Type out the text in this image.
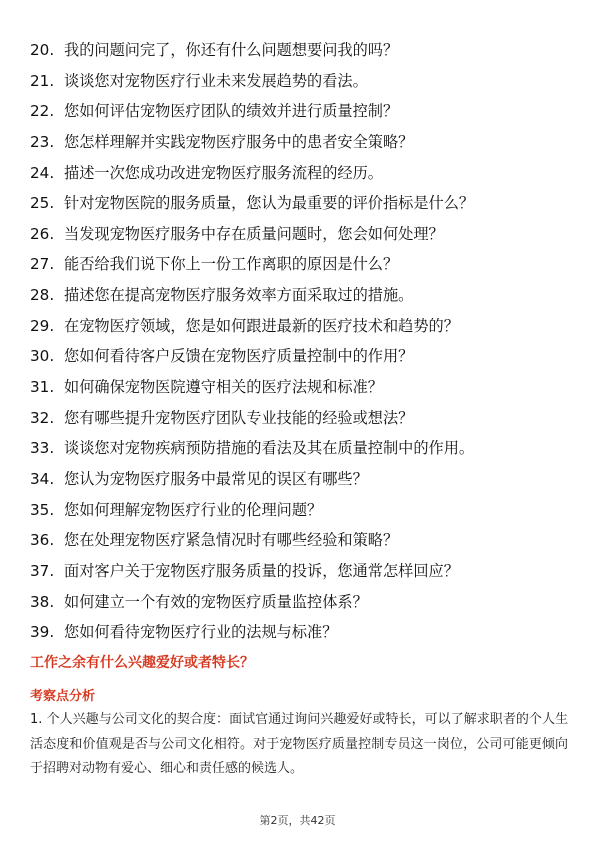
20. 我的问题问完了，你还有什么问题想要问我的吗？
21. 谈谈您对宠物医疗行业未来发展趋势的看法。
22. 您如何评估宠物医疗团队的绩效并进行质量控制？
23. 您怎样理解并实践宠物医疗服务中的患者安全策略？
24. 描述一次您成功改进宠物医疗服务流程的经历。
25. 针对宠物医院的服务质量，您认为最重要的评价指标是什么？
26. 当发现宠物医疗服务中存在质量问题时，您会如何处理？
27. 能否给我们说下你上一份工作离职的原因是什么？
28. 描述您在提高宠物医疗服务效率方面采取过的措施。
29. 在宠物医疗领域，您是如何跟进最新的医疗技术和趋势的？
30. 您如何看待客户反馈在宠物医疗质量控制中的作用？
31. 如何确保宠物医院遵守相关的医疗法规和标准？
32. 您有哪些提升宠物医疗团队专业技能的经验或想法？
33. 谈谈您对宠物疾病预防措施的看法及其在质量控制中的作用。
34. 您认为宠物医疗服务中最常见的误区有哪些？
35. 您如何理解宠物医疗行业的伦理问题？
36. 您在处理宠物医疗紧急情况时有哪些经验和策略？
37. 面对客户关于宠物医疗服务质量的投诉，您通常怎样回应？
38. 如何建立一个有效的宠物医疗质量监控体系？
39. 您如何看待宠物医疗行业的法规与标准？
工作之余有什么兴趣爱好或者特长？
考察点分析

1. 个人兴趣与公司文化的契合度：面试官通过询问兴趣爱好或特长，可以了解求职者的个人生活态度和价值观是否与公司文化相符。对于宠物医疗质量控制专员这一岗位，公司可能更倾向于招聘对动物有爱心、细心和责任感的候选人。

第2页，共42页
